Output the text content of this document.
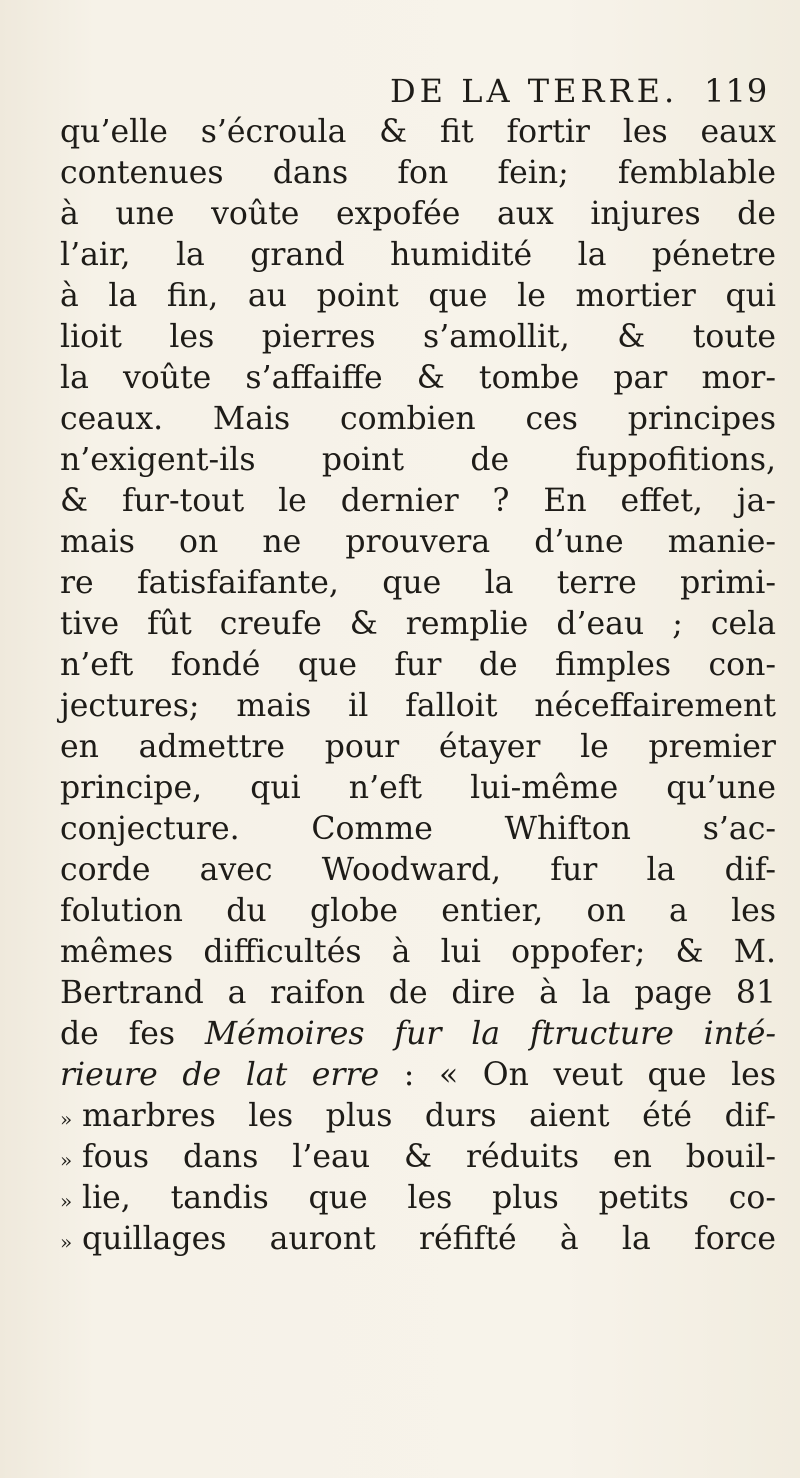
DE LA TERRE. 119
qu’elle s’écroula & fit fortir les eaux
contenues dans fon fein; femblable
à une voûte expofée aux injures de
l’air, la grand humidité la pénetre
à la fin, au point que le mortier qui
lioit les pierres s’amollit, & toute
la voûte s’affaiffe & tombe par mor-
ceaux. Mais combien ces principes
n’exigent-ils point de fuppofitions,
& fur-tout le dernier ? En effet, ja-
mais on ne prouvera d’une manie-
re fatisfaifante, que la terre primi-
tive fût creufe & remplie d’eau ; cela
n’eft fondé que fur de fimples con-
jectures; mais il falloit néceffairement
en admettre pour étayer le premier
principe, qui n’eft lui-même qu’une
conjecture. Comme Whifton s’ac-
corde avec Woodward, fur la dif-
folution du globe entier, on a les
mêmes difficultés à lui oppofer; & M.
Bertrand a raifon de dire à la page 81
de fes Mémoires fur la ftructure inté-
rieure de lat erre : « On veut que les
» marbres les plus durs aient été dif-
» fous dans l’eau & réduits en bouil-
» lie, tandis que les plus petits co-
» quillages auront réfifté à la force
